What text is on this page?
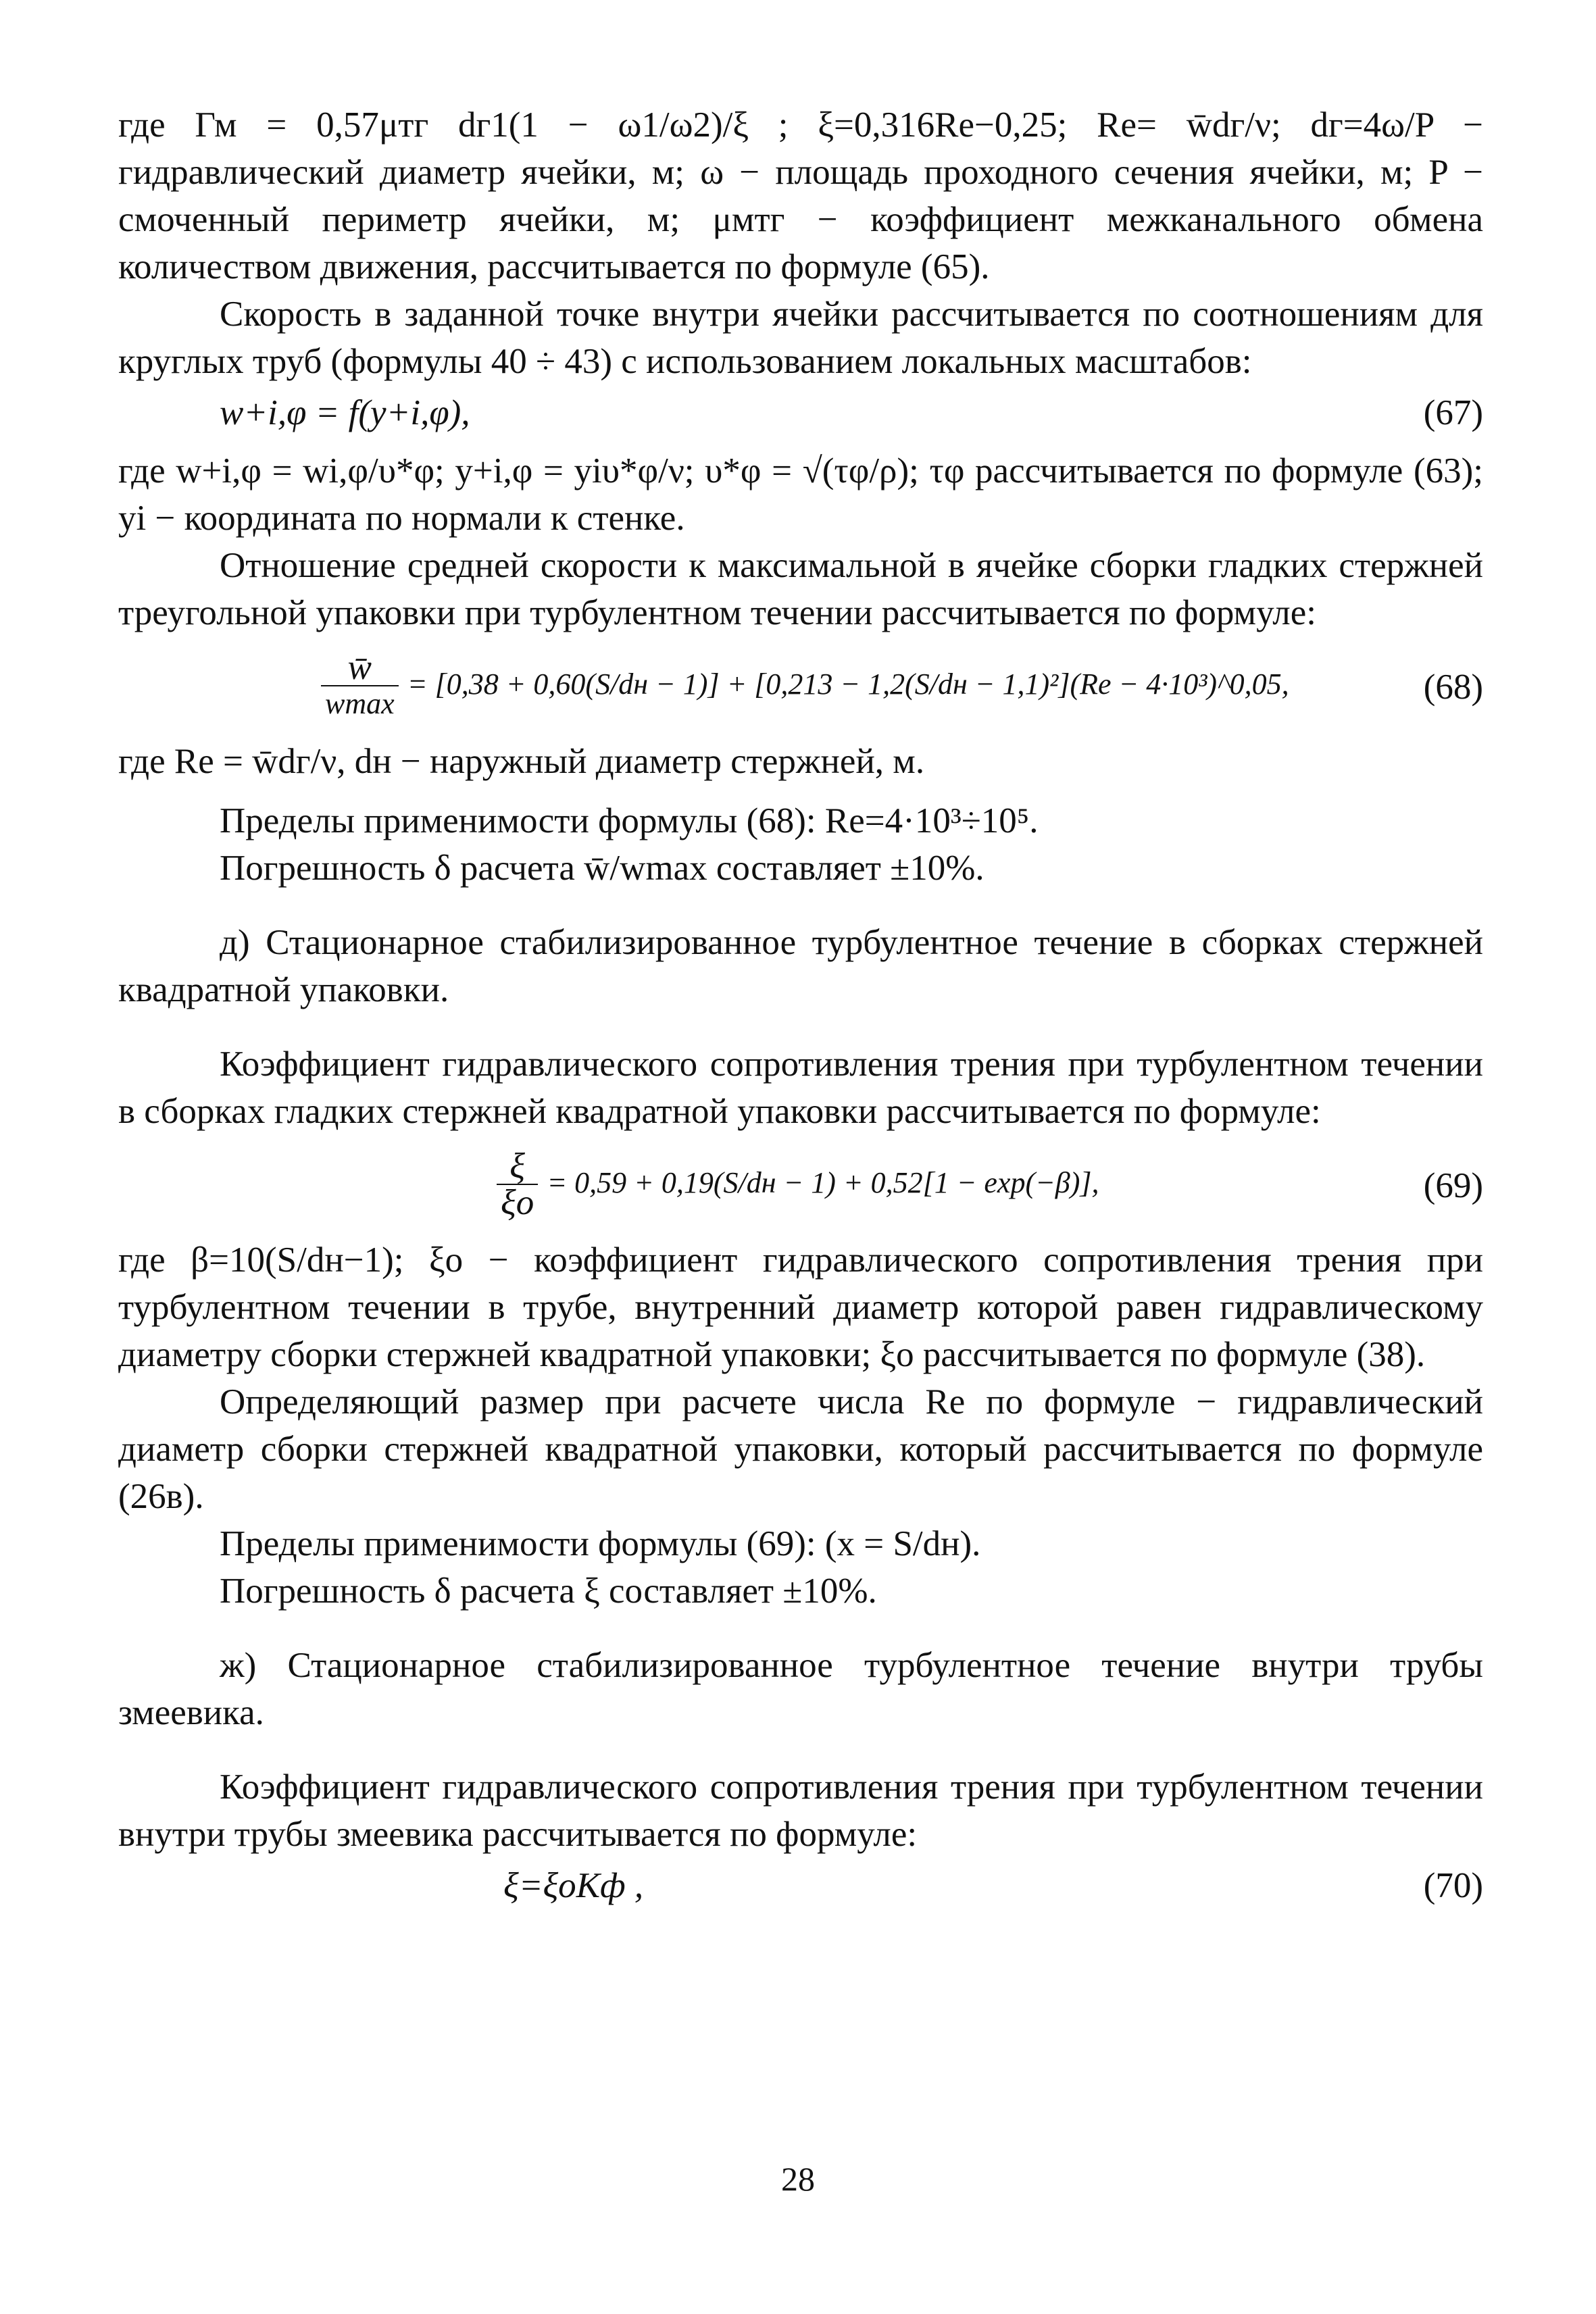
где Гм = 0,57μтг dг1(1 − ω1/ω2)/ξ ; ξ=0,316Re−0,25; Re= w̄dг/ν; dг=4ω/P − гидравлический диаметр ячейки, м; ω − площадь проходного сечения ячейки, м; P − смоченный периметр ячейки, м; μмтг − коэффициент межканального обмена количеством движения, рассчитывается по формуле (65).

Скорость в заданной точке внутри ячейки рассчитывается по соотношениям для круглых труб (формулы 40 ÷ 43) с использованием локальных масштабов:

w+i,φ = f(y+i,φ),	(67)

где w+i,φ = wi,φ/υ*φ; y+i,φ = yiυ*φ/ν; υ*φ = √(τφ/ρ); τφ рассчитывается по формуле (63); yi − координата по нормали к стенке.

Отношение средней скорости к максимальной в ячейке сборки гладких стержней треугольной упаковки при турбулентном течении рассчитывается по формуле:

$\frac{w̄}{wmax} = [0,38 + 0,60(S/dн - 1)] + [0,213 - 1,2(S/dн - 1,1)^2](Re$ − 4·10³)^0,05,	(68)

где Re = w̄dг/ν, dн − наружный диаметр стержней, м.

Пределы применимости формулы (68): Re=4·10³÷10⁵.

Погрешность δ расчета w̄/wmax составляет ±10%.

д) Стационарное стабилизированное турбулентное течение в сборках стержней квадратной упаковки.

Коэффициент гидравлического сопротивления трения при турбулентном течении в сборках гладких стержней квадратной упаковки рассчитывается по формуле:

$\frac{\xi}{\xi о} = 0,59 + 0,19(S/dн - 1) + 0,52[1 - \exp(-\beta)]$,	(69)

где β=10(S/dн−1); ξо − коэффициент гидравлического сопротивления трения при турбулентном течении в трубе, внутренний диаметр которой равен гидравлическому диаметру сборки стержней квадратной упаковки; ξо рассчитывается по формуле (38).

Определяющий размер при расчете числа Re по формуле − гидравлический диаметр сборки стержней квадратной упаковки, который рассчитывается по формуле (26в).

Пределы применимости формулы (69): (x = S/dн).

Погрешность δ расчета ξ составляет ±10%.

ж) Стационарное стабилизированное турбулентное течение внутри трубы змеевика.

Коэффициент гидравлического сопротивления трения при турбулентном течении внутри трубы змеевика рассчитывается по формуле:

ξ=ξоKф ,	(70)
28
